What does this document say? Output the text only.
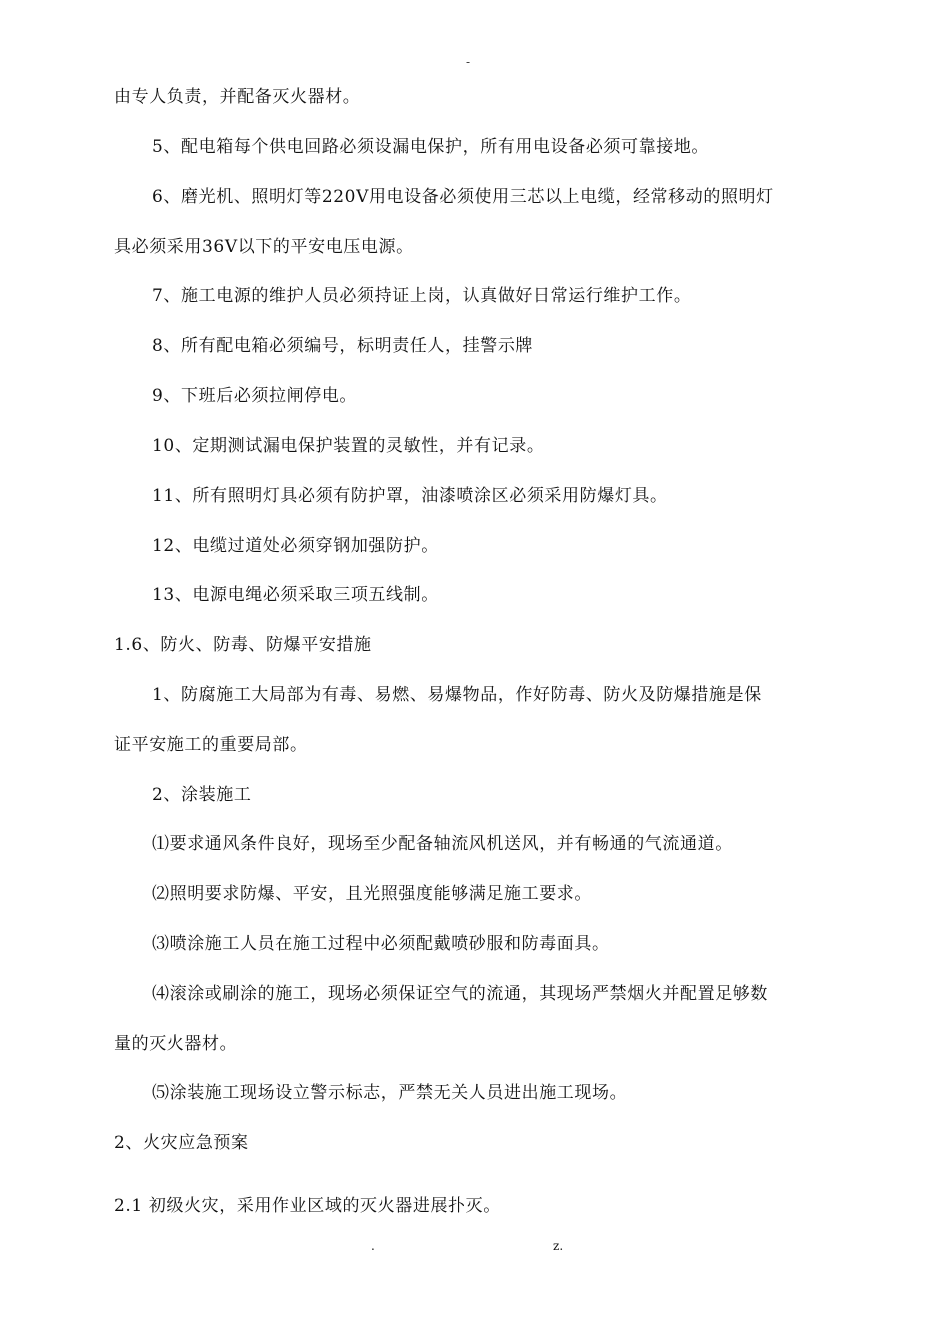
-
由专人负责，并配备灭火器材。
5、配电箱每个供电回路必须设漏电保护，所有用电设备必须可靠接地。
6、磨光机、照明灯等220V用电设备必须使用三芯以上电缆，经常移动的照明灯
具必须采用36V以下的平安电压电源。
7、施工电源的维护人员必须持证上岗，认真做好日常运行维护工作。
8、所有配电箱必须编号，标明责任人，挂警示牌
9、下班后必须拉闸停电。
10、定期测试漏电保护装置的灵敏性，并有记录。
11、所有照明灯具必须有防护罩，油漆喷涂区必须采用防爆灯具。
12、电缆过道处必须穿钢加强防护。
13、电源电绳必须采取三项五线制。
1.6、防火、防毒、防爆平安措施
1、防腐施工大局部为有毒、易燃、易爆物品，作好防毒、防火及防爆措施是保
证平安施工的重要局部。
2、涂装施工
⑴要求通风条件良好，现场至少配备轴流风机送风，并有畅通的气流通道。
⑵照明要求防爆、平安，且光照强度能够满足施工要求。
⑶喷涂施工人员在施工过程中必须配戴喷砂服和防毒面具。
⑷滚涂或刷涂的施工，现场必须保证空气的流通，其现场严禁烟火并配置足够数
量的灭火器材。
⑸涂装施工现场设立警示标志，严禁无关人员进出施工现场。
2、火灾应急预案
2.1 初级火灾，采用作业区域的灭火器进展扑灭。
.	z.
